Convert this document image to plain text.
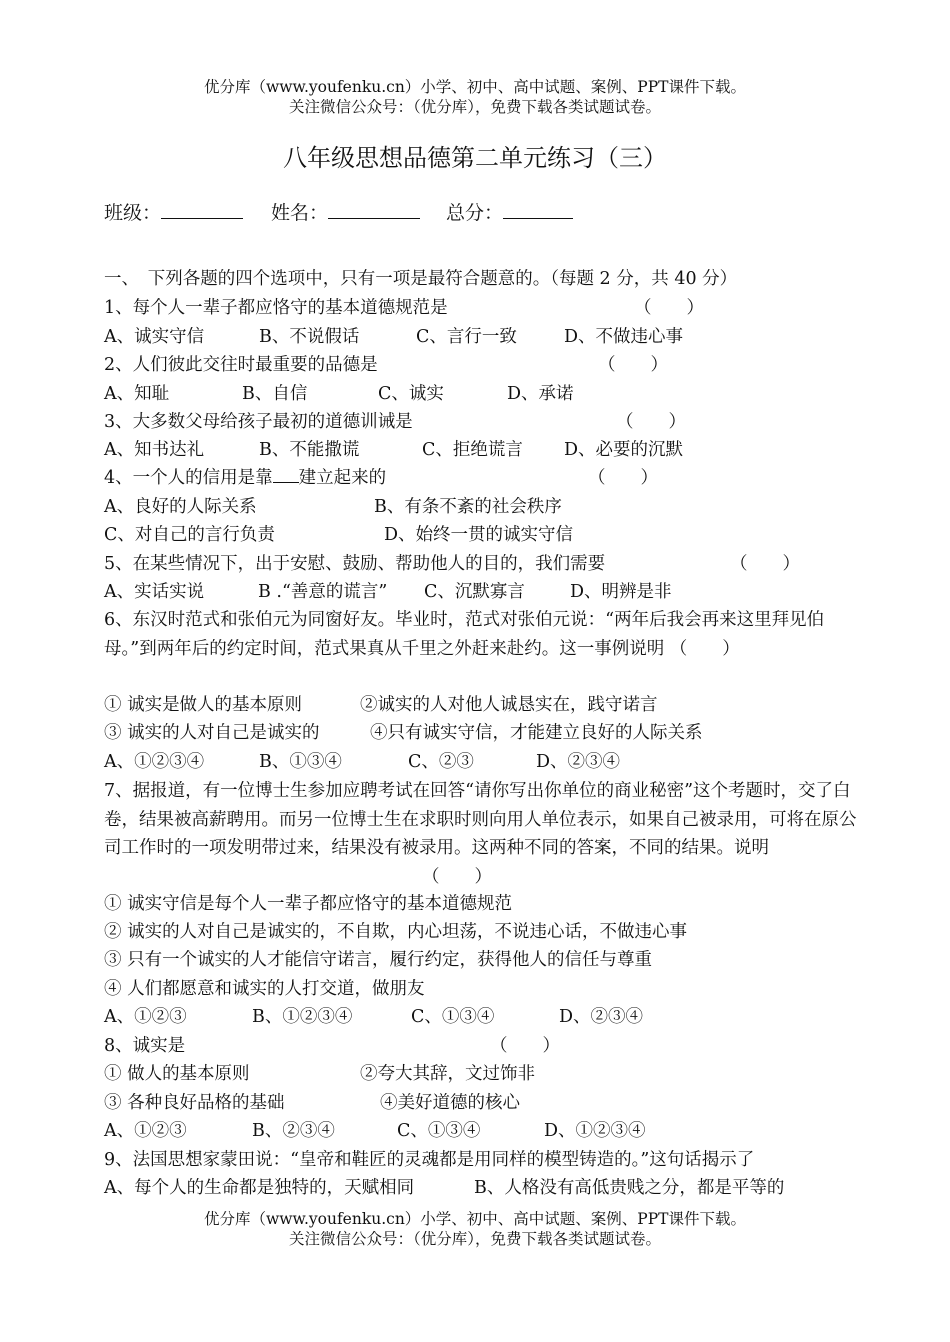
优分库（www.youfenku.cn）小学、初中、高中试题、案例、PPT课件下载。
关注微信公众号：（优分库），免费下载各类试题试卷。
八年级思想品德第二单元练习（三）
班级：	姓名：	总分：
一、　下列各题的四个选项中，只有一项是最符合题意的。（每题 2 分，共 40 分）
1、每个人一辈子都应恪守的基本道德规范是	（　　）
A、诚实守信	B、不说假话	C、言行一致	D、不做违心事
2、人们彼此交往时最重要的品德是	（　　）
A、知耻	B、自信	C、诚实	D、承诺
3、大多数父母给孩子最初的道德训诫是	（　　）
A、知书达礼	B、不能撒谎	C、拒绝谎言 D、必要的沉默
4、一个人的信用是靠 建立起来的	（　　）
A、良好的人际关系	B、有条不紊的社会秩序
C、对自己的言行负责	D、始终一贯的诚实守信
5、在某些情况下，出于安慰、鼓励、帮助他人的目的，我们需要	（　　）
A、实话实说	B .“善意的谎言” C、沉默寡言	D、明辨是非
6、东汉时范式和张伯元为同窗好友。毕业时，范式对张伯元说：“两年后我会再来这里拜见伯母。”到两年后的约定时间，范式果真从千里之外赶来赴约。这一事例说明 （　　）
① 诚实是做人的基本原则	②诚实的人对他人诚恳实在，践守诺言
③ 诚实的人对自己是诚实的	④只有诚实守信，才能建立良好的人际关系
A、①②③④	B、①③④	C、②③	D、②③④
7、据报道，有一位博士生参加应聘考试在回答“请你写出你单位的商业秘密”这个考题时，交了白卷，结果被高薪聘用。而另一位博士生在求职时则向用人单位表示，如果自己被录用，可将在原公司工作时的一项发明带过来，结果没有被录用。这两种不同的答案，不同的结果。说明（　　）
① 诚实守信是每个人一辈子都应恪守的基本道德规范
② 诚实的人对自己是诚实的，不自欺，内心坦荡，不说违心话，不做违心事
③ 只有一个诚实的人才能信守诺言，履行约定，获得他人的信任与尊重
④ 人们都愿意和诚实的人打交道，做朋友
A、①②③	B、①②③④	C、①③④	D、②③④
8、诚实是	（　　）
① 做人的基本原则	②夸大其辞，文过饰非
③ 各种良好品格的基础	④美好道德的核心
A、①②③	B、②③④	C、①③④	D、①②③④
9、法国思想家蒙田说：“皇帝和鞋匠的灵魂都是用同样的模型铸造的。”这句话揭示了
A、每个人的生命都是独特的，天赋相同	B、人格没有高低贵贱之分，都是平等的
优分库（www.youfenku.cn）小学、初中、高中试题、案例、PPT课件下载。
关注微信公众号：（优分库），免费下载各类试题试卷。
